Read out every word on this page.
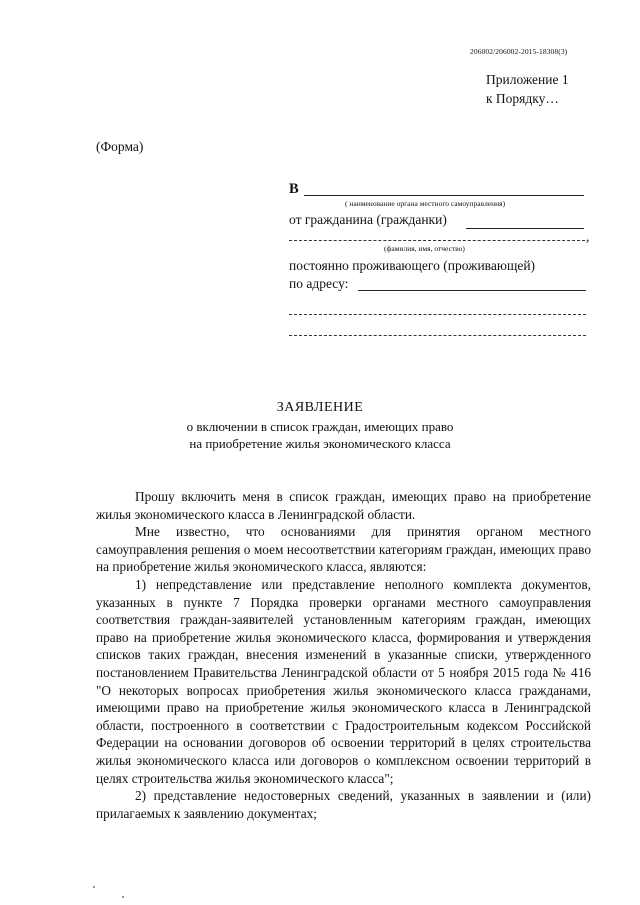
206002/206002-2015-18308(3)
Приложение 1
к Порядку…
(Форма)
В
( наименование органа местного самоуправления)
от гражданина (гражданки)
,
(фамилия, имя, отчество)
постоянно проживающего (проживающей)
по адресу:
ЗАЯВЛЕНИЕ
о включении в список граждан, имеющих право
на приобретение жилья экономического класса

Прошу включить меня в список граждан, имеющих право на приобретение жилья экономического класса в Ленинградской области.

Мне известно, что основаниями для принятия органом местного самоуправления решения о моем несоответствии категориям граждан, имеющих право на приобретение жилья экономического класса, являются:

1) непредставление или представление неполного комплекта документов, указанных в пункте 7 Порядка проверки органами местного самоуправления соответствия граждан-заявителей установленным категориям граждан, имеющих право на приобретение жилья экономического класса, формирования и утверждения списков таких граждан, внесения изменений в указанные списки, утвержденного постановлением Правительства Ленинградской области от 5 ноября 2015 года № 416 "О некоторых вопросах приобретения жилья экономического класса гражданами, имеющими право на приобретение жилья экономического класса в Ленинградской области, построенного в соответствии с Градостроительным кодексом Российской Федерации на основании договоров об освоении территорий в целях строительства жилья экономического класса или договоров о комплексном освоении территорий в целях строительства жилья экономического класса";

2) представление недостоверных сведений, указанных в заявлении и (или) прилагаемых к заявлению документах;
